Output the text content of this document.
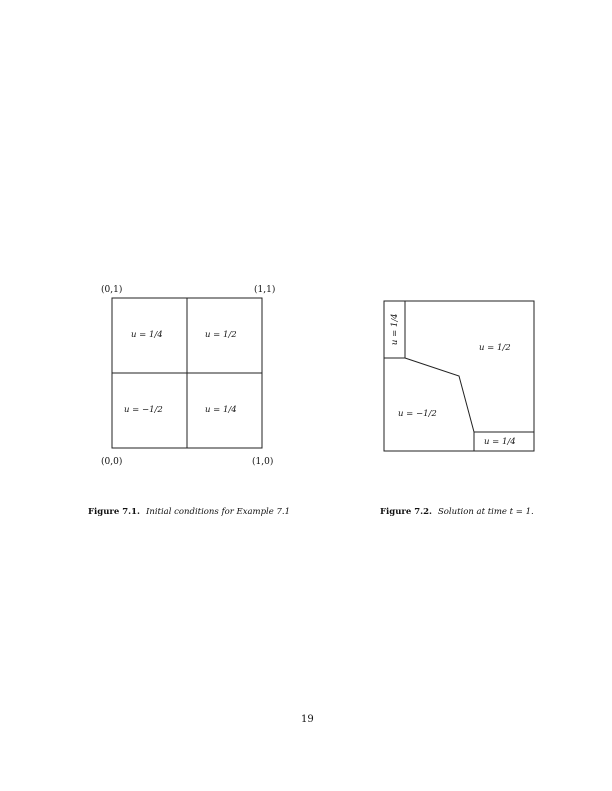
(0,1)	(1,1)
(0,0)	(1,0)
u = 1/4	u = 1/2
u = −1/2	u = 1/4
u = 1/4
u = 1/2
u = −1/2
u = 1/4
Figure 7.1. Initial conditions for Example 7.1	Figure 7.2. Solution at time t = 1.
19
